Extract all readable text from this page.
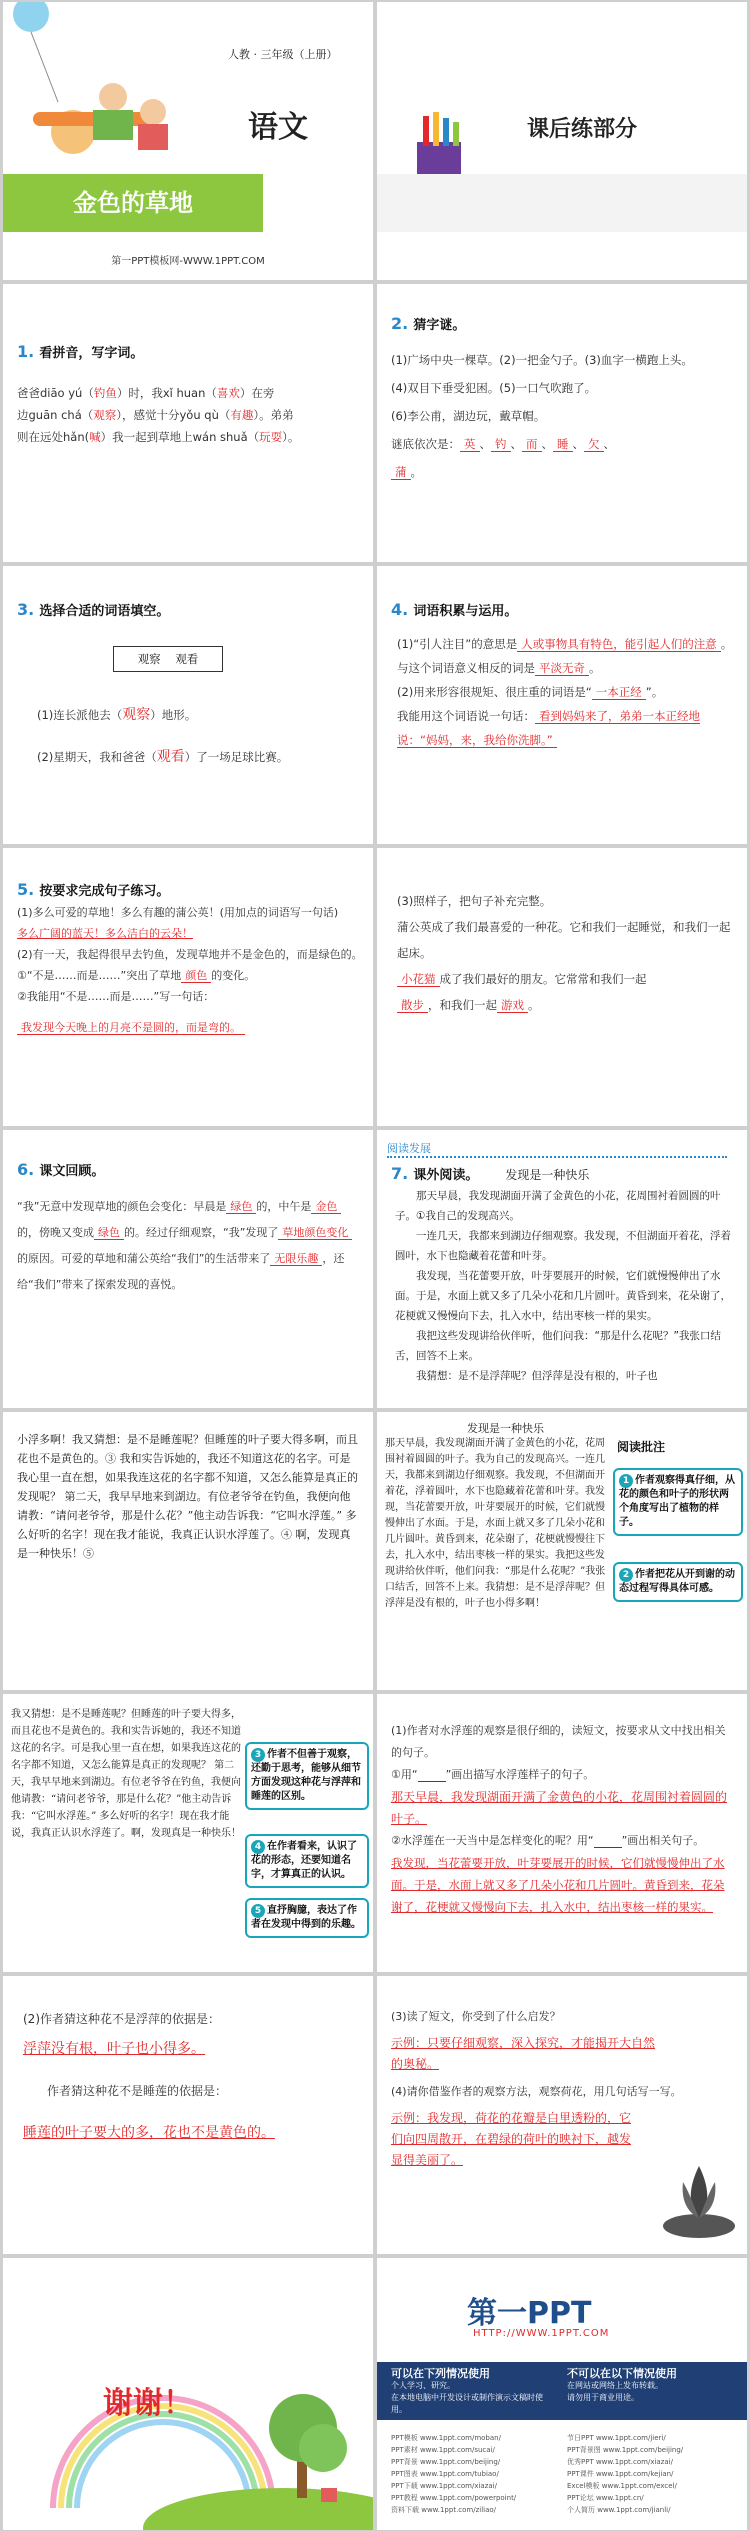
人教 · 三年级（上册）
语文
金色的草地
第一PPT模板网-WWW.1PPT.COM
课后练部分
1. 看拼音，写字词。
爸爸diāo yú（钓鱼）时，我xǐ huan（喜欢）在旁
边guān chá（观察），感觉十分yǒu qù（有趣）。弟弟
则在远处hǎn(喊）我一起到草地上wán shuǎ（玩耍）。
2. 猜字谜。
(1)广场中央一棵草。(2)一把金勺子。(3)血字一横跑上头。
(4)双目下垂受犯困。(5)一口气吹跑了。
(6)李公甫，湖边玩，戴草帽。
谜底依次是： 英 、 钓 、 而 、 睡 、 欠 、
蒲 。
3. 选择合适的词语填空。
观察 观看
(1)连长派他去（观察）地形。
(2)星期天，我和爸爸（观看）了一场足球比赛。
4. 词语积累与运用。
(1)“引人注目”的意思是 人或事物具有特色，能引起人们的注意 。
与这个词语意义相反的词是 平淡无奇 。
(2)用来形容很规矩、很庄重的词语是“ 一本正经 ”。
我能用这个词语说一句话： 看到妈妈来了，弟弟一本正经地说：“妈妈，来，我给你洗脚。”
5. 按要求完成句子练习。
(1)多么可爱的草地！多么有趣的蒲公英！(用加点的词语写一句话)
多么广阔的蓝天！多么洁白的云朵！
(2)有一天，我起得很早去钓鱼，发现草地并不是金色的，而是绿色的。
①“不是……而是……”突出了草地 颜色 的变化。
②我能用“不是……而是……”写一句话：
我发现今天晚上的月亮不是圆的，而是弯的。
(3)照样子，把句子补充完整。
蒲公英成了我们最喜爱的一种花。它和我们一起睡觉，和我们一起起床。
小花猫 成了我们最好的朋友。它常常和我们一起
散步 ，和我们一起 游戏 。
6. 课文回顾。
“我”无意中发现草地的颜色会变化：早晨是 绿色 的，中午是 金色的，傍晚又变成 绿色 的。经过仔细观察，“我”发现了 草地颜色变化的原因。可爱的草地和蒲公英给“我们”的生活带来了 无限乐趣 ，还给“我们”带来了探索发现的喜悦。
阅读发展
7. 课外阅读。 发现是一种快乐
那天早晨，我发现湖面开满了金黄色的小花，花周围衬着圆圆的叶子。①我自己的发现高兴。
一连几天，我都来到湖边仔细观察。我发现，不但湖面开着花，浮着圆叶，水下也隐藏着花蕾和叶芽。
我发现，当花蕾要开放，叶芽要展开的时候，它们就慢慢伸出了水面。于是，水面上就又多了几朵小花和几片圆叶。黄昏到来，花朵谢了，花梗就又慢慢向下去，扎入水中，结出枣核一样的果实。
我把这些发现讲给伙伴听，他们问我：“那是什么花呢？”我张口结舌，回答不上来。
我猜想：是不是浮萍呢？但浮萍是没有根的，叶子也
小浮多啊！我又猜想：是不是睡莲呢？但睡莲的叶子要大得多啊，而且花也不是黄色的。③ 我和实告诉她的，我还不知道这花的名字。可是我心里一直在想，如果我连这花的名字都不知道，又怎么能算是真正的发现呢？ 第二天，我早早地来到湖边。有位老爷爷在钓鱼，我便向他请教：“请问老爷爷，那是什么花？”他主动告诉我：“它叫水浮莲。” 多么好听的名字！现在我才能说，我真正认识水浮莲了。④ 啊，发现真是一种快乐！⑤
发现是一种快乐
阅读批注
那天早晨，我发现湖面开满了金黄色的小花，花周围衬着圆圆的叶子。我为自己的发现高兴。一连几天，我都来到湖边仔细观察。我发现，不但湖面开着花，浮着圆叶，水下也隐藏着花蕾和叶芽。我发现，当花蕾要开放，叶芽要展开的时候，它们就慢慢伸出了水面。于是，水面上就又多了几朵小花和几片圆叶。黄昏到来，花朵谢了，花梗就慢慢往下去，扎入水中，结出枣核一样的果实。我把这些发现讲给伙伴听，他们问我：“那是什么花呢？”我张口结舌，回答不上来。我猜想：是不是浮萍呢？但浮萍是没有根的，叶子也小得多啊！
1 作者观察得真仔细，从花的颜色和叶子的形状两个角度写出了植物的样子。
2 作者把花从开到谢的动态过程写得具体可感。
我又猜想：是不是睡莲呢？但睡莲的叶子要大得多，而且花也不是黄色的。我和实告诉她的，我还不知道这花的名字。可是我心里一直在想，如果我连这花的名字都不知道，又怎么能算是真正的发现呢？ 第二天，我早早地来到湖边。有位老爷爷在钓鱼，我便向他请教：“请问老爷爷，那是什么花？”他主动告诉我：“它叫水浮莲。” 多么好听的名字！现在我才能说，我真正认识水浮莲了。啊，发现真是一种快乐！
3 作者不但善于观察，还勤于思考，能够从细节方面发现这种花与浮萍和睡莲的区别。
4 在作者看来，认识了花的形态，还要知道名字，才算真正的认识。
5 直抒胸臆，表达了作者在发现中得到的乐趣。
(1)作者对水浮莲的观察是很仔细的，读短文，按要求从文中找出相关的句子。
①用“	”画出描写水浮莲样子的句子。
那天早晨，我发现湖面开满了金黄色的小花，花周围衬着圆圆的叶子。
②水浮莲在一天当中是怎样变化的呢？用“	”画出相关句子。
我发现，当花蕾要开放，叶芽要展开的时候，它们就慢慢伸出了水面。于是，水面上就又多了几朵小花和几片圆叶。黄昏到来，花朵谢了，花梗就又慢慢向下去，扎入水中，结出枣核一样的果实。
(2)作者猜这种花不是浮萍的依据是：
浮萍没有根，叶子也小得多。
作者猜这种花不是睡莲的依据是：
睡莲的叶子要大的多，花也不是黄色的。
(3)读了短文，你受到了什么启发？
示例：只要仔细观察，深入探究，才能揭开大自然的奥秘。
(4)请你借鉴作者的观察方法，观察荷花，用几句话写一写。
示例：我发现，荷花的花瓣是白里透粉的，它们向四周散开，在碧绿的荷叶的映衬下，越发显得美丽了。
谢谢！
第一PPT
HTTP://WWW.1PPT.COM
可以在下列情况使用
个人学习、研究。
在本地电脑中开发设计或制作演示文稿时使用。
不可以在以下情况使用
在网站或网络上发布转载。
请勿用于商业用途。
PPT模板 www.1ppt.com/moban/
PPT素材 www.1ppt.com/sucai/
PPT背景 www.1ppt.com/beijing/
PPT图表 www.1ppt.com/tubiao/
PPT下载 www.1ppt.com/xiazai/
PPT教程 www.1ppt.com/powerpoint/
资料下载 www.1ppt.com/ziliao/
节日PPT www.1ppt.com/jieri/
PPT背景图 www.1ppt.com/beijing/
优秀PPT www.1ppt.com/xiazai/
PPT课件 www.1ppt.com/kejian/
Excel模板 www.1ppt.com/excel/
PPT论坛 www.1ppt.cn/
个人简历 www.1ppt.com/jianli/
